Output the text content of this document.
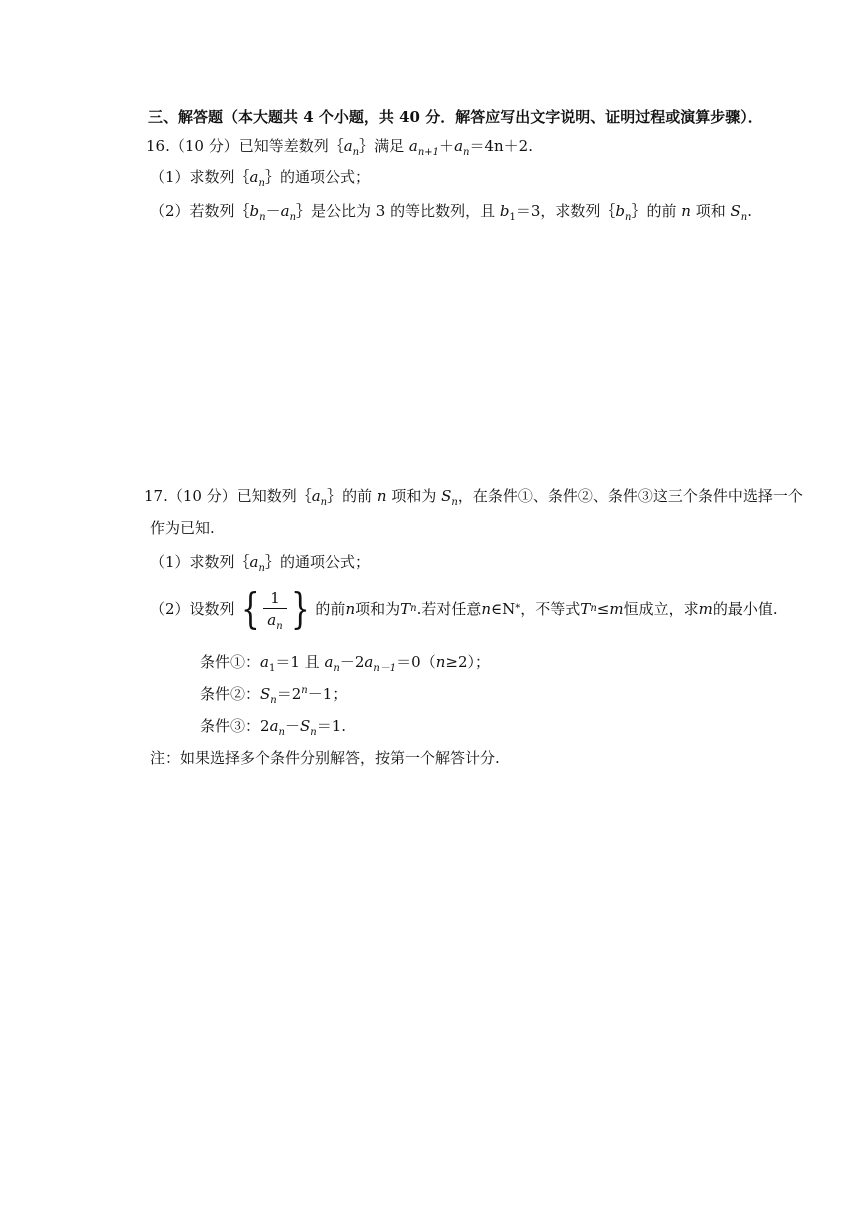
三、解答题（本大题共 4 个小题，共 40 分．解答应写出文字说明、证明过程或演算步骤）．
16.（10 分）已知等差数列$\{a_n\}$满足 $a_{n+1}+a_n=4n+2$.
（1）求数列$\{a_n\}$的通项公式；
（2）若数列$\{b_n-a_n\}$是公比为 3 的等比数列，且 $b_1=3$，求数列$\{b_n\}$的前 n 项和 $S_n$.
17.（10 分）已知数列$\{a_n\}$的前 n 项和为 $S_n$，在条件①、条件②、条件③这三个条件中选择一个
作为已知.
（1）求数列$\{a_n\}$的通项公式；
（2）设数列 { $\frac{1}{a_n}$ } 的前 n 项和为 T n .若对任意 n ∈N * ，不等式 T n ≤ m 恒成立，求 m 的最小值.
条件①：$a_1=1$ 且 $a_n-2a_{n-1}=0(n\ge 2)$；
条件②：$S_n=2^n-1$；
条件③：$2a_n-S_n=1$.
注：如果选择多个条件分别解答，按第一个解答计分.
